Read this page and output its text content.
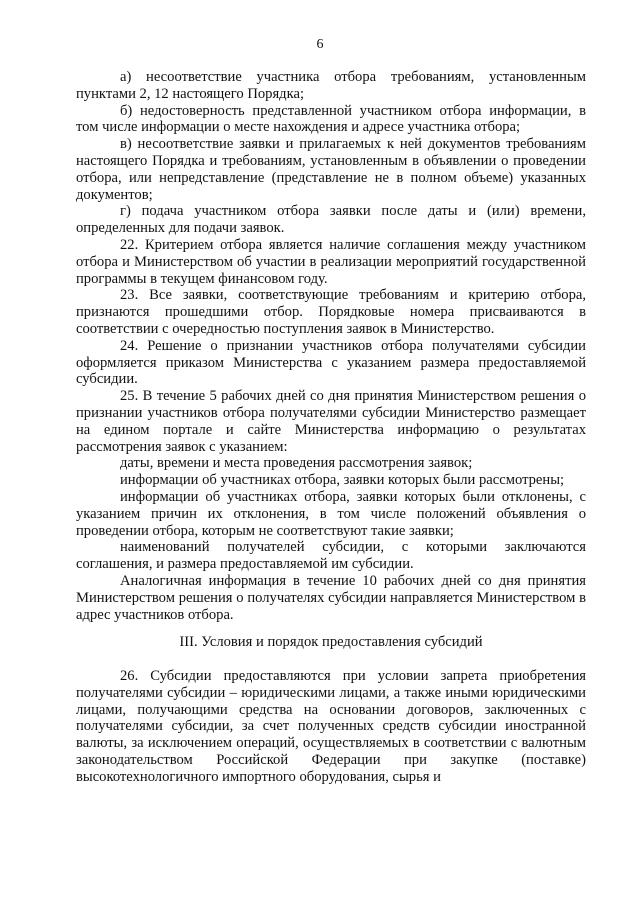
6

а) несоответствие участника отбора требованиям, установленным пунктами 2, 12 настоящего Порядка;

б) недостоверность представленной участником отбора информации, в том числе информации о месте нахождения и адресе участника отбора;

в) несоответствие заявки и прилагаемых к ней документов требованиям настоящего Порядка и требованиям, установленным в объявлении о проведении отбора, или непредставление (представление не в полном объеме) указанных документов;

г) подача участником отбора заявки после даты и (или) времени, определенных для подачи заявок.

22. Критерием отбора является наличие соглашения между участником отбора и Министерством об участии в реализации мероприятий государственной программы в текущем финансовом году.

23. Все заявки, соответствующие требованиям и критерию отбора, признаются прошедшими отбор. Порядковые номера присваиваются в соответствии с очередностью поступления заявок в Министерство.

24. Решение о признании участников отбора получателями субсидии оформляется приказом Министерства с указанием размера предоставляемой субсидии.

25. В течение 5 рабочих дней со дня принятия Министерством решения о признании участников отбора получателями субсидии Министерство размещает на едином портале и сайте Министерства информацию о результатах рассмотрения заявок с указанием:

даты, времени и места проведения рассмотрения заявок;

информации об участниках отбора, заявки которых были рассмотрены;

информации об участниках отбора, заявки которых были отклонены, с указанием причин их отклонения, в том числе положений объявления о проведении отбора, которым не соответствуют такие заявки;

наименований получателей субсидии, с которыми заключаются соглашения, и размера предоставляемой им субсидии.

Аналогичная информация в течение 10 рабочих дней со дня принятия Министерством решения о получателях субсидии направляется Министерством в адрес участников отбора.

III. Условия и порядок предоставления субсидий

26. Субсидии предоставляются при условии запрета приобретения получателями субсидии – юридическими лицами, а также иными юридическими лицами, получающими средства на основании договоров, заключенных с получателями субсидии, за счет полученных средств субсидии иностранной валюты, за исключением операций, осуществляемых в соответствии с валютным законодательством Российской Федерации при закупке (поставке) высокотехнологичного импортного оборудования, сырья и
